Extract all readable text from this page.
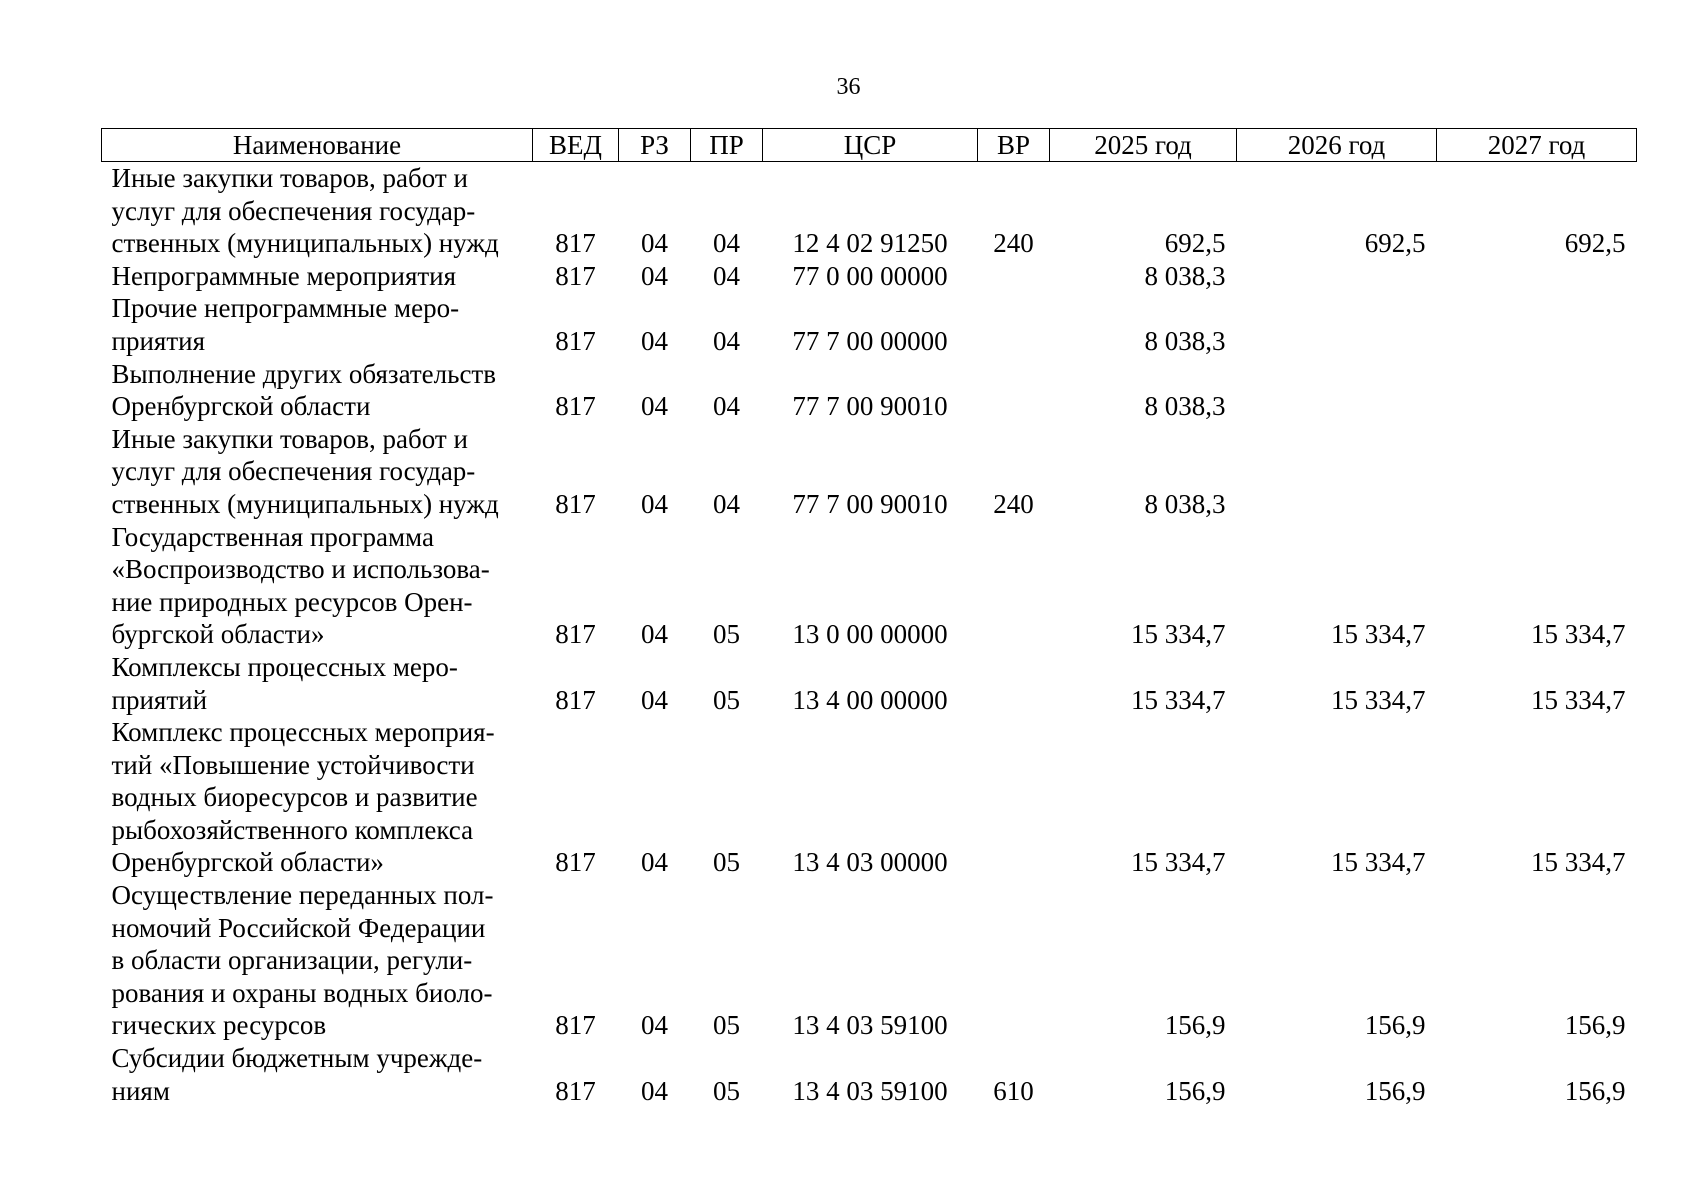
36
Наименование	ВЕД	РЗ	ПР	ЦСР	ВР	2025 год	2026 год	2027 год

Иные закупки товаров, работ и
услуг для обеспечения государ-
ственных (муниципальных) нужд	817	04	04	12 4 02 91250	240	692,5	692,5	692,5

Непрограммные мероприятия	817	04	04	77 0 00 00000		8 038,3		

Прочие непрограммные меро-
приятия	817	04	04	77 7 00 00000		8 038,3		

Выполнение других обязательств
Оренбургской области	817	04	04	77 7 00 90010		8 038,3		

Иные закупки товаров, работ и
услуг для обеспечения государ-
ственных (муниципальных) нужд	817	04	04	77 7 00 90010	240	8 038,3		

Государственная программа
«Воспроизводство и использова-
ние природных ресурсов Орен-
бургской области»	817	04	05	13 0 00 00000		15 334,7	15 334,7	15 334,7

Комплексы процессных меро-
приятий	817	04	05	13 4 00 00000		15 334,7	15 334,7	15 334,7

Комплекс процессных мероприя-
тий «Повышение устойчивости
водных биоресурсов и развитие
рыбохозяйственного комплекса
Оренбургской области»	817	04	05	13 4 03 00000		15 334,7	15 334,7	15 334,7

Осуществление переданных пол-
номочий Российской Федерации
в области организации, регули-
рования и охраны водных биоло-
гических ресурсов	817	04	05	13 4 03 59100		156,9	156,9	156,9

Субсидии бюджетным учрежде-
ниям	817	04	05	13 4 03 59100	610	156,9	156,9	156,9
